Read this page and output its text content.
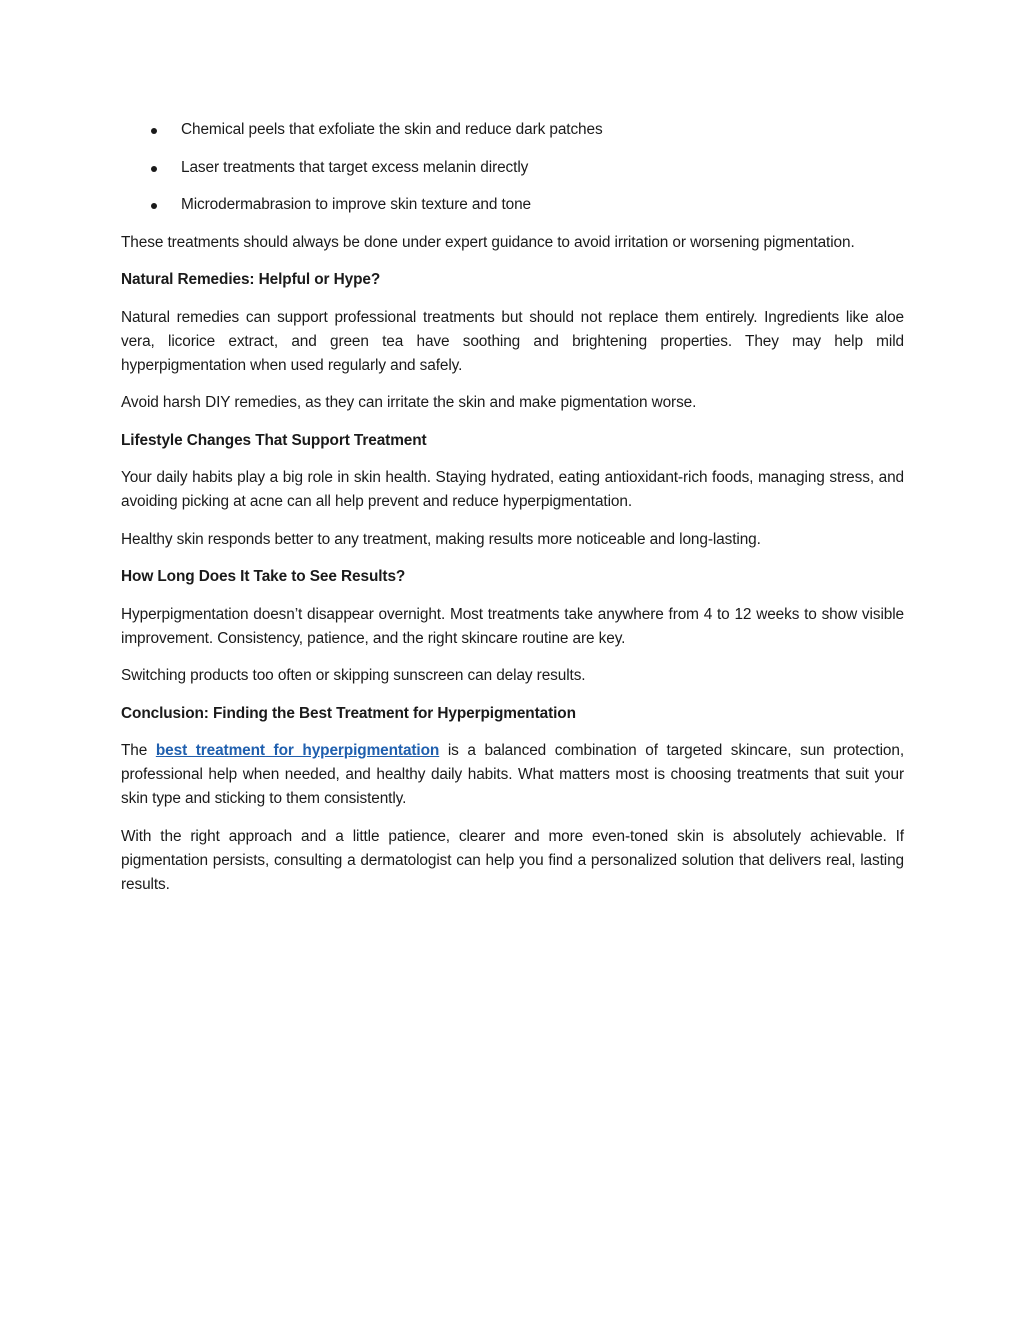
Chemical peels that exfoliate the skin and reduce dark patches
Laser treatments that target excess melanin directly
Microdermabrasion to improve skin texture and tone

These treatments should always be done under expert guidance to avoid irritation or worsening pigmentation.

Natural Remedies: Helpful or Hype?

Natural remedies can support professional treatments but should not replace them entirely. Ingredients like aloe vera, licorice extract, and green tea have soothing and brightening properties. They may help mild hyperpigmentation when used regularly and safely.

Avoid harsh DIY remedies, as they can irritate the skin and make pigmentation worse.

Lifestyle Changes That Support Treatment

Your daily habits play a big role in skin health. Staying hydrated, eating antioxidant-rich foods, managing stress, and avoiding picking at acne can all help prevent and reduce hyperpigmentation.

Healthy skin responds better to any treatment, making results more noticeable and long-lasting.

How Long Does It Take to See Results?

Hyperpigmentation doesn’t disappear overnight. Most treatments take anywhere from 4 to 12 weeks to show visible improvement. Consistency, patience, and the right skincare routine are key.

Switching products too often or skipping sunscreen can delay results.

Conclusion: Finding the Best Treatment for Hyperpigmentation

The best treatment for hyperpigmentation is a balanced combination of targeted skincare, sun protection, professional help when needed, and healthy daily habits. What matters most is choosing treatments that suit your skin type and sticking to them consistently.

With the right approach and a little patience, clearer and more even-toned skin is absolutely achievable. If pigmentation persists, consulting a dermatologist can help you find a personalized solution that delivers real, lasting results.
